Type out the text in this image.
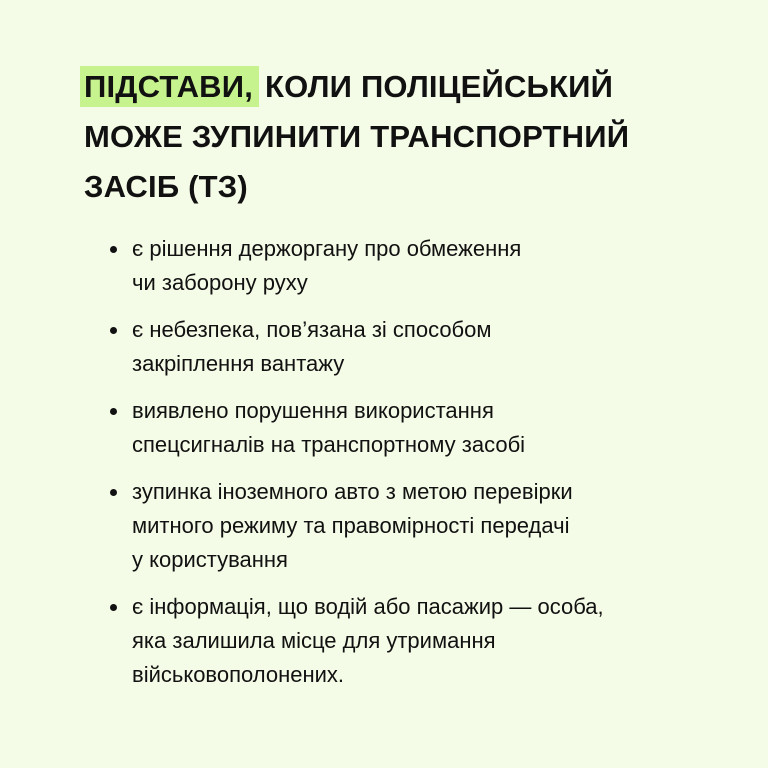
ПІДСТАВИ, КОЛИ ПОЛІЦЕЙСЬКИЙ
МОЖЕ ЗУПИНИТИ ТРАНСПОРТНИЙ
ЗАСІБ (ТЗ)
є рішення держоргану про обмеження
чи заборону руху
є небезпека, пов’язана зі способом
закріплення вантажу
виявлено порушення використання
спецсигналів на транспортному засобі
зупинка іноземного авто з метою перевірки
митного режиму та правомірності передачі
у користування
є інформація, що водій або пасажир — особа,
яка залишила місце для утримання
військовополонених.
